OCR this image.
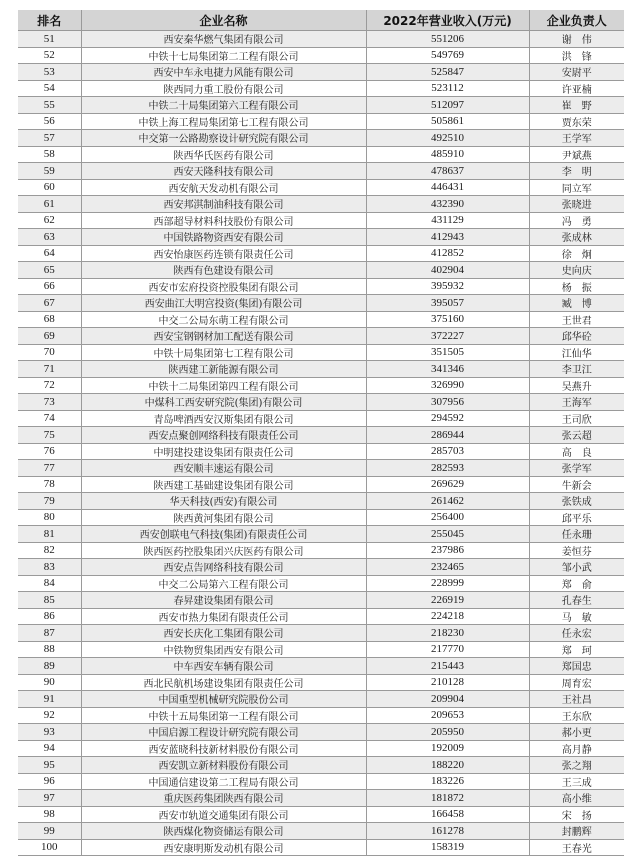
排名	企业名称	2022年营业收入(万元)	企业负责人
51	西安秦华燃气集团有限公司	551206	谢　伟
52	中铁十七局集团第二工程有限公司	549769	洪　锋
53	西安中车永电捷力风能有限公司	525847	安尉平
54	陕西同力重工股份有限公司	523112	许亚楠
55	中铁二十局集团第六工程有限公司	512097	崔　野
56	中铁上海工程局集团第七工程有限公司	505861	贾东荣
57	中交第一公路勘察设计研究院有限公司	492510	王学军
58	陕西华氏医药有限公司	485910	尹斌燕
59	西安天隆科技有限公司	478637	李　明
60	西安航天发动机有限公司	446431	同立军
61	西安邦淇制油科技有限公司	432390	张晓进
62	西部超导材料科技股份有限公司	431129	冯　勇
63	中国铁路物资西安有限公司	412943	张成林
64	西安怡康医药连锁有限责任公司	412852	徐　炯
65	陕西有色建设有限公司	402904	史向庆
66	西安市宏府投资控股集团有限公司	395932	杨　振
67	西安曲江大明宫投资(集团)有限公司	395057	臧　博
68	中交二公局东萌工程有限公司	375160	王世君
69	西安宝钢钢材加工配送有限公司	372227	邱华砼
70	中铁十局集团第七工程有限公司	351505	江仙华
71	陕西建工新能源有限公司	341346	李卫江
72	中铁十二局集团第四工程有限公司	326990	吴燕升
73	中煤科工西安研究院(集团)有限公司	307956	王海军
74	青岛啤酒西安汉斯集团有限公司	294592	王司欣
75	西安点聚创网络科技有限责任公司	286944	张云超
76	中明建投建设集团有限责任公司	285703	高　良
77	西安顺丰速运有限公司	282593	张学军
78	陕西建工基础建设集团有限公司	269629	牛新会
79	华天科技(西安)有限公司	261462	张铁成
80	陕西黄河集团有限公司	256400	邱平乐
81	西安创联电气科技(集团)有限责任公司	255045	任永珊
82	陕西医药控股集团兴庆医药有限公司	237986	姜恒芬
83	西安点告网络科技有限公司	232465	邹小武
84	中交二公局第六工程有限公司	228999	郑　俞
85	春昇建设集团有限公司	226919	孔春生
86	西安市热力集团有限责任公司	224218	马　敏
87	西安长庆化工集团有限公司	218230	任永宏
88	中铁物贸集团西安有限公司	217770	郑　珂
89	中车西安车辆有限公司	215443	郑国忠
90	西北民航机场建设集团有限责任公司	210128	周育宏
91	中国重型机械研究院股份公司	209904	王社昌
92	中铁十五局集团第一工程有限公司	209653	王东欣
93	中国启源工程设计研究院有限公司	205950	郝小更
94	西安蓝晓科技新材料股份有限公司	192009	高月静
95	西安凯立新材料股份有限公司	188220	张之翔
96	中国通信建设第二工程局有限公司	183226	王三成
97	重庆医药集团陕西有限公司	181872	高小维
98	西安市轨道交通集团有限公司	166458	宋　扬
99	陕西煤化物资储运有限公司	161278	封鹏辉
100	西安康明斯发动机有限公司	158319	王春光
